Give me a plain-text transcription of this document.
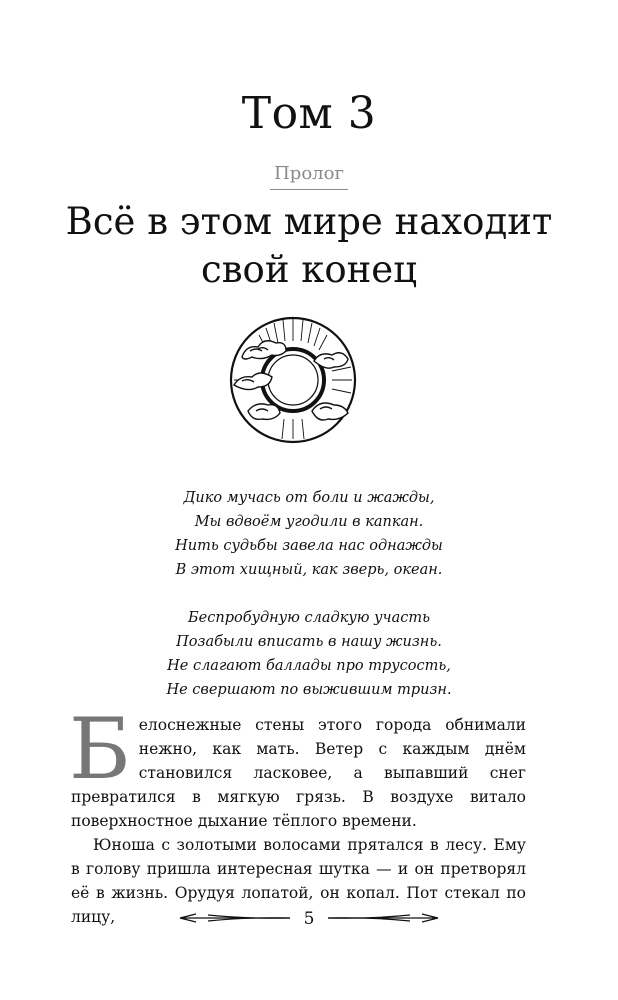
Том 3
Пролог
Всё в этом мире находит
свой конец
Дико мучась от боли и жажды,
Мы вдвоём угодили в капкан.
Нить судьбы завела нас однажды
В этот хищный, как зверь, океан.
Беспробудную сладкую участь
Позабыли вписать в нашу жизнь.
Не слагают баллады про трусость,
Не свершают по выжившим тризн.

Белоснежные стены этого города обнимали нежно, как мать. Ветер с каждым днём становился ласковее, а выпавший снег превратился в мягкую грязь. В воздухе витало поверхностное дыхание тёплого времени.

Юноша с золотыми волосами прятался в лесу. Ему в голову пришла интересная шутка — и он претворял её в жизнь. Орудуя лопатой, он копал. Пот стекал по лицу,	5
